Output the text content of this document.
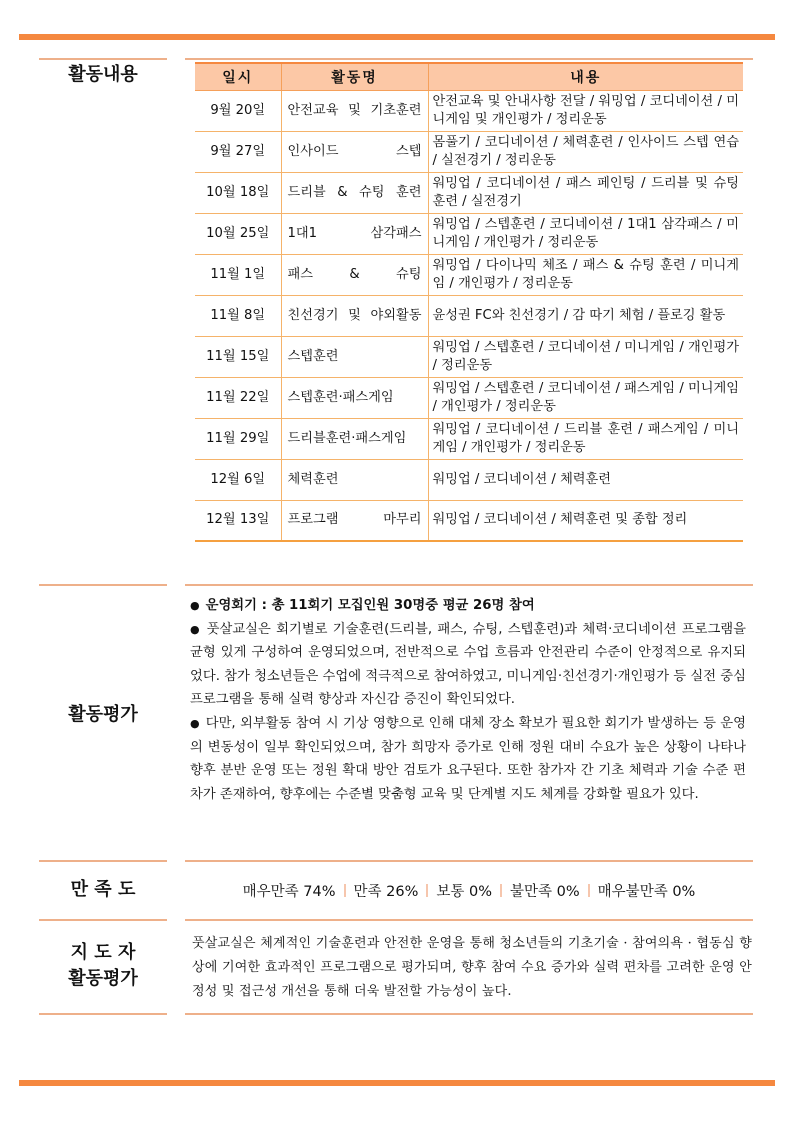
활동내용	일시	활동명	내용
9월 20일	안전교육 및 기초훈련	안전교육 및 안내사항 전달 / 워밍업 / 코디네이션 / 미니게임 및 개인평가 / 정리운동
9월 27일	인사이드 스텝	몸풀기 / 코디네이션 / 체력훈련 / 인사이드 스텝 연습 / 실전경기 / 정리운동
10월 18일	드리블 & 슈팅 훈련	워밍업 / 코디네이션 / 패스 페인팅 / 드리블 및 슈팅 훈련 / 실전경기
10월 25일	1대1 삼각패스	워밍업 / 스텝훈련 / 코디네이션 / 1대1 삼각패스 / 미니게임 / 개인평가 / 정리운동
11월 1일	패스 & 슈팅	워밍업 / 다이나믹 체조 / 패스 & 슈팅 훈련 / 미니게임 / 개인평가 / 정리운동
11월 8일	친선경기 및 야외활동	윤성권 FC와 친선경기 / 감 따기 체험 / 플로깅 활동
11월 15일	스텝훈련	워밍업 / 스텝훈련 / 코디네이션 / 미니게임 / 개인평가 / 정리운동
11월 22일	스텝훈련·패스게임	워밍업 / 스텝훈련 / 코디네이션 / 패스게임 / 미니게임 / 개인평가 / 정리운동
11월 29일	드리블훈련·패스게임	워밍업 / 코디네이션 / 드리블 훈련 / 패스게임 / 미니게임 / 개인평가 / 정리운동
12월 6일	체력훈련	워밍업 / 코디네이션 / 체력훈련
12월 13일	프로그램 마무리	워밍업 / 코디네이션 / 체력훈련 및 종합 정리
활동평가

● 운영회기 : 총 11회기 모집인원 30명중 평균 26명 참여

● 풋살교실은 회기별로 기술훈련(드리블, 패스, 슈팅, 스텝훈련)과 체력·코디네이션 프로그램을 균형 있게 구성하여 운영되었으며, 전반적으로 수업 흐름과 안전관리 수준이 안정적으로 유지되었다. 참가 청소년들은 수업에 적극적으로 참여하였고, 미니게임·친선경기·개인평가 등 실전 중심 프로그램을 통해 실력 향상과 자신감 증진이 확인되었다.

● 다만, 외부활동 참여 시 기상 영향으로 인해 대체 장소 확보가 필요한 회기가 발생하는 등 운영의 변동성이 일부 확인되었으며, 참가 희망자 증가로 인해 정원 대비 수요가 높은 상황이 나타나 향후 분반 운영 또는 정원 확대 방안 검토가 요구된다. 또한 참가자 간 기초 체력과 기술 수준 편차가 존재하여, 향후에는 수준별 맞춤형 교육 및 단계별 지도 체계를 강화할 필요가 있다.

만 족 도	매우만족 74% 만족 26% 보통 0% 불만족 0% 매우불만족 0%
지 도 자
활동평가
풋살교실은 체계적인 기술훈련과 안전한 운영을 통해 청소년들의 기초기술 · 참여의욕 · 협동심 향상에 기여한 효과적인 프로그램으로 평가되며, 향후 참여 수요 증가와 실력 편차를 고려한 운영 안정성 및 접근성 개선을 통해 더욱 발전할 가능성이 높다.
